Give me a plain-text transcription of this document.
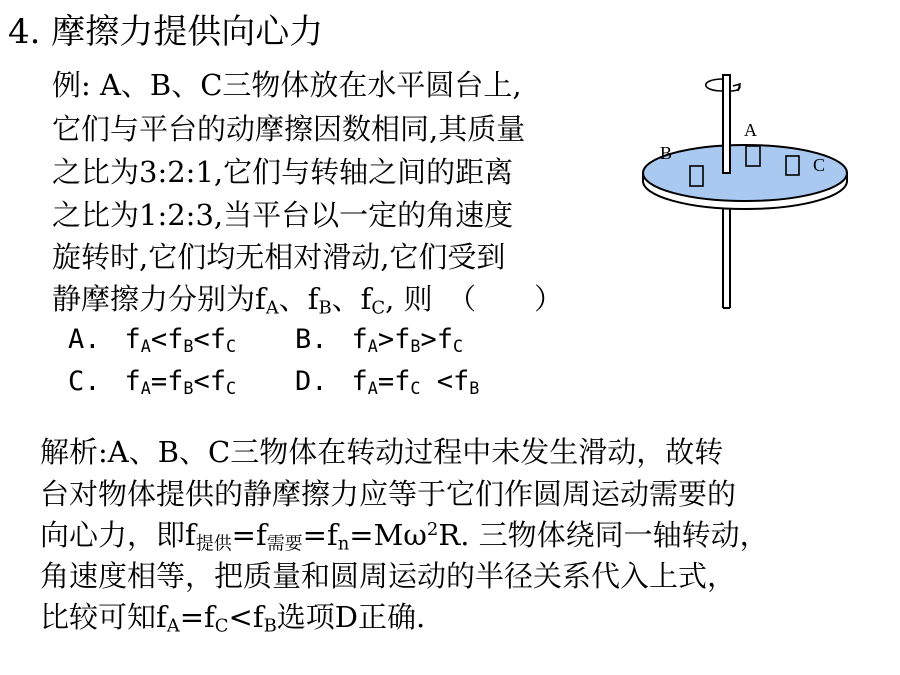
4. 摩擦力提供向心力
例: A、B、C三物体放在水平圆台上,
它们与平台的动摩擦因数相同,其质量
之比为3:2:1,它们与转轴之间的距离
之比为1:2:3,当平台以一定的角速度
旋转时,它们均无相对滑动,它们受到
静摩擦力分别为$f_A$、$f_B$、$f_C$, 则　（　　）
A. $f_A<f_B<f_C$ B. $f_A>f_B>f_C$
C. $f_A=f_B<f_C$ D. $f_A=f_C <f_B$
A
B
C
解析:A、B、C三物体在转动过程中未发生滑动，故转
台对物体提供的静摩擦力应等于它们作圆周运动需要的
向心力，即$f_{提供}=f_{需要}=f_n=M\omega^2R$. 三物体绕同一轴转动，
角速度相等，把质量和圆周运动的半径关系代入上式，
比较可知$f_A=f_C<f_B$选项D正确.
